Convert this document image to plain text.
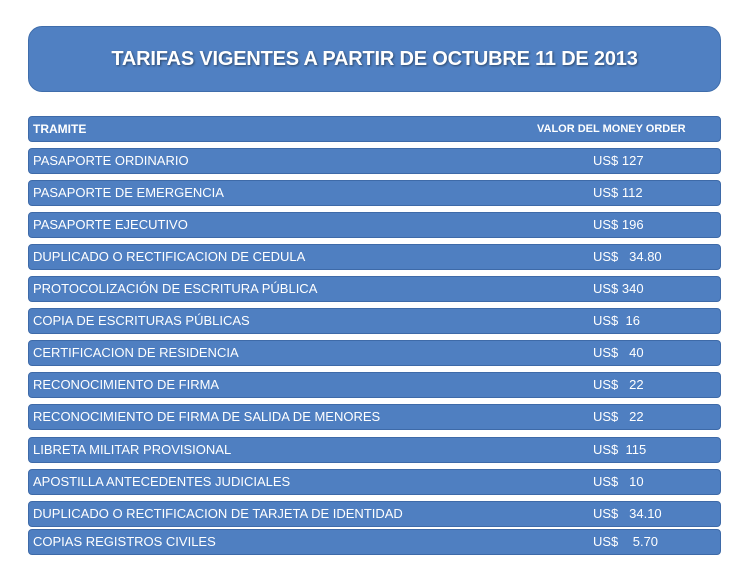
TARIFAS VIGENTES A PARTIR DE OCTUBRE 11 DE 2013
TRAMITE	VALOR DEL MONEY ORDER
PASAPORTE ORDINARIO	US$ 127
PASAPORTE DE EMERGENCIA	US$ 112
PASAPORTE EJECUTIVO	US$ 196
DUPLICADO O RECTIFICACION DE CEDULA	US$   34.80
PROTOCOLIZACIÓN DE ESCRITURA PÚBLICA	US$ 340
COPIA DE ESCRITURAS PÚBLICAS	US$  16
CERTIFICACION DE RESIDENCIA	US$   40
RECONOCIMIENTO DE FIRMA	US$   22
RECONOCIMIENTO DE FIRMA DE SALIDA DE MENORES	US$   22
LIBRETA MILITAR PROVISIONAL	US$  115
APOSTILLA ANTECEDENTES JUDICIALES	US$   10
DUPLICADO O RECTIFICACION DE TARJETA DE IDENTIDAD	US$   34.10
COPIAS REGISTROS CIVILES	US$    5.70
